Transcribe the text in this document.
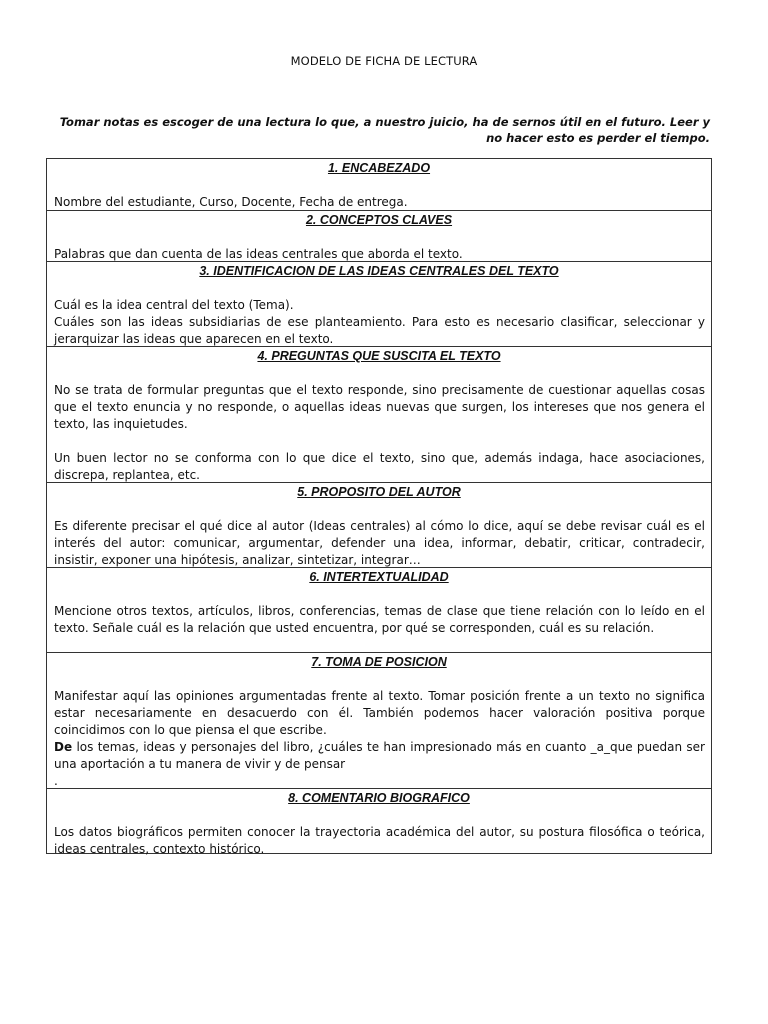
MODELO DE FICHA DE LECTURA
Tomar notas es escoger de una lectura lo que, a nuestro juicio, ha de sernos útil en el futuro. Leer y no hacer esto es perder el tiempo.
1. ENCABEZADO

Nombre del estudiante, Curso, Docente, Fecha de entrega.

2. CONCEPTOS CLAVES

Palabras que dan cuenta de las ideas centrales que aborda el texto.

3. IDENTIFICACION DE LAS IDEAS CENTRALES DEL TEXTO

Cuál es la idea central del texto (Tema).

Cuáles son las ideas subsidiarias de ese planteamiento. Para esto es necesario clasificar, seleccionar y jerarquizar las ideas que aparecen en el texto.

4. PREGUNTAS QUE SUSCITA EL TEXTO

No se trata de formular preguntas que el texto responde, sino precisamente de cuestionar aquellas cosas que el texto enuncia y no responde, o aquellas ideas nuevas que surgen, los intereses que nos genera el texto, las inquietudes.

Un buen lector no se conforma con lo que dice el texto, sino que, además indaga, hace asociaciones, discrepa, replantea, etc.

5. PROPOSITO DEL AUTOR

Es diferente precisar el qué dice al autor (Ideas centrales) al cómo lo dice, aquí se debe revisar cuál es el interés del autor: comunicar, argumentar, defender una idea, informar, debatir, criticar, contradecir, insistir, exponer una hipótesis, analizar, sintetizar, integrar…

6. INTERTEXTUALIDAD

Mencione otros textos, artículos, libros, conferencias, temas de clase que tiene relación con lo leído en el texto. Señale cuál es la relación que usted encuentra, por qué se corresponden, cuál es su relación.

7. TOMA DE POSICION

Manifestar aquí las opiniones argumentadas frente al texto. Tomar posición frente a un texto no significa estar necesariamente en desacuerdo con él. También podemos hacer valoración positiva porque coincidimos con lo que piensa el que escribe.

De los temas, ideas y personajes del libro, ¿cuáles te han impresionado más en cuanto _a_que puedan ser una aportación a tu manera de vivir y de pensar

.

8. COMENTARIO BIOGRAFICO

Los datos biográficos permiten conocer la trayectoria académica del autor, su postura filosófica o teórica, ideas centrales, contexto histórico.
